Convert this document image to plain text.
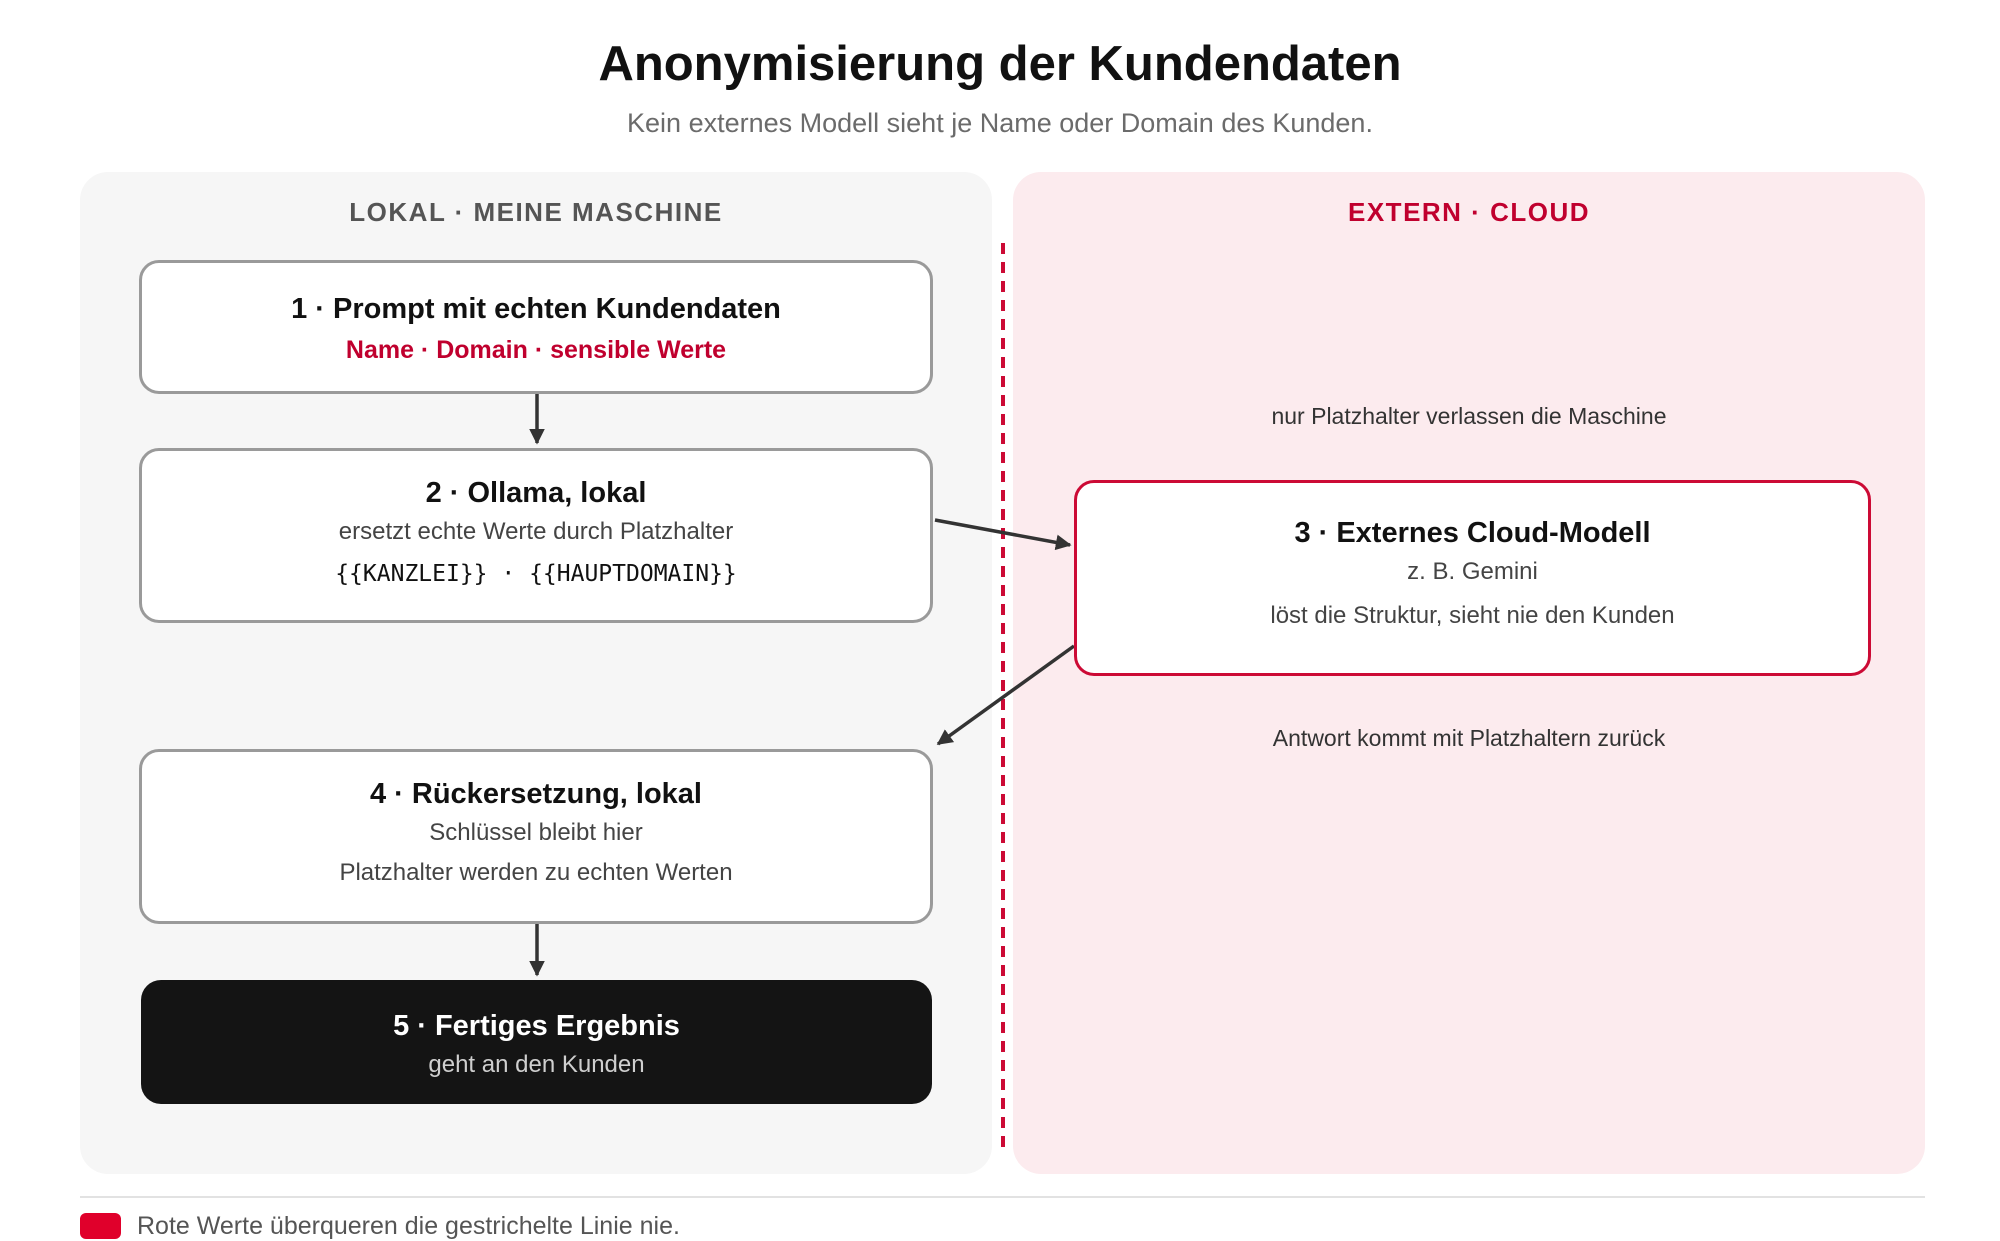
Anonymisierung der Kundendaten
Kein externes Modell sieht je Name oder Domain des Kunden.
LOKAL · MEINE MASCHINE	EXTERN · CLOUD
1 · Prompt mit echten Kundendaten
Name · Domain · sensible Werte
2 · Ollama, lokal
ersetzt echte Werte durch Platzhalter
{{KANZLEI}} · {{HAUPTDOMAIN}}
3 · Externes Cloud-Modell
z. B. Gemini
löst die Struktur, sieht nie den Kunden
4 · Rückersetzung, lokal
Schlüssel bleibt hier
Platzhalter werden zu echten Werten
5 · Fertiges Ergebnis
geht an den Kunden
nur Platzhalter verlassen die Maschine
Antwort kommt mit Platzhaltern zurück
Rote Werte überqueren die gestrichelte Linie nie.
